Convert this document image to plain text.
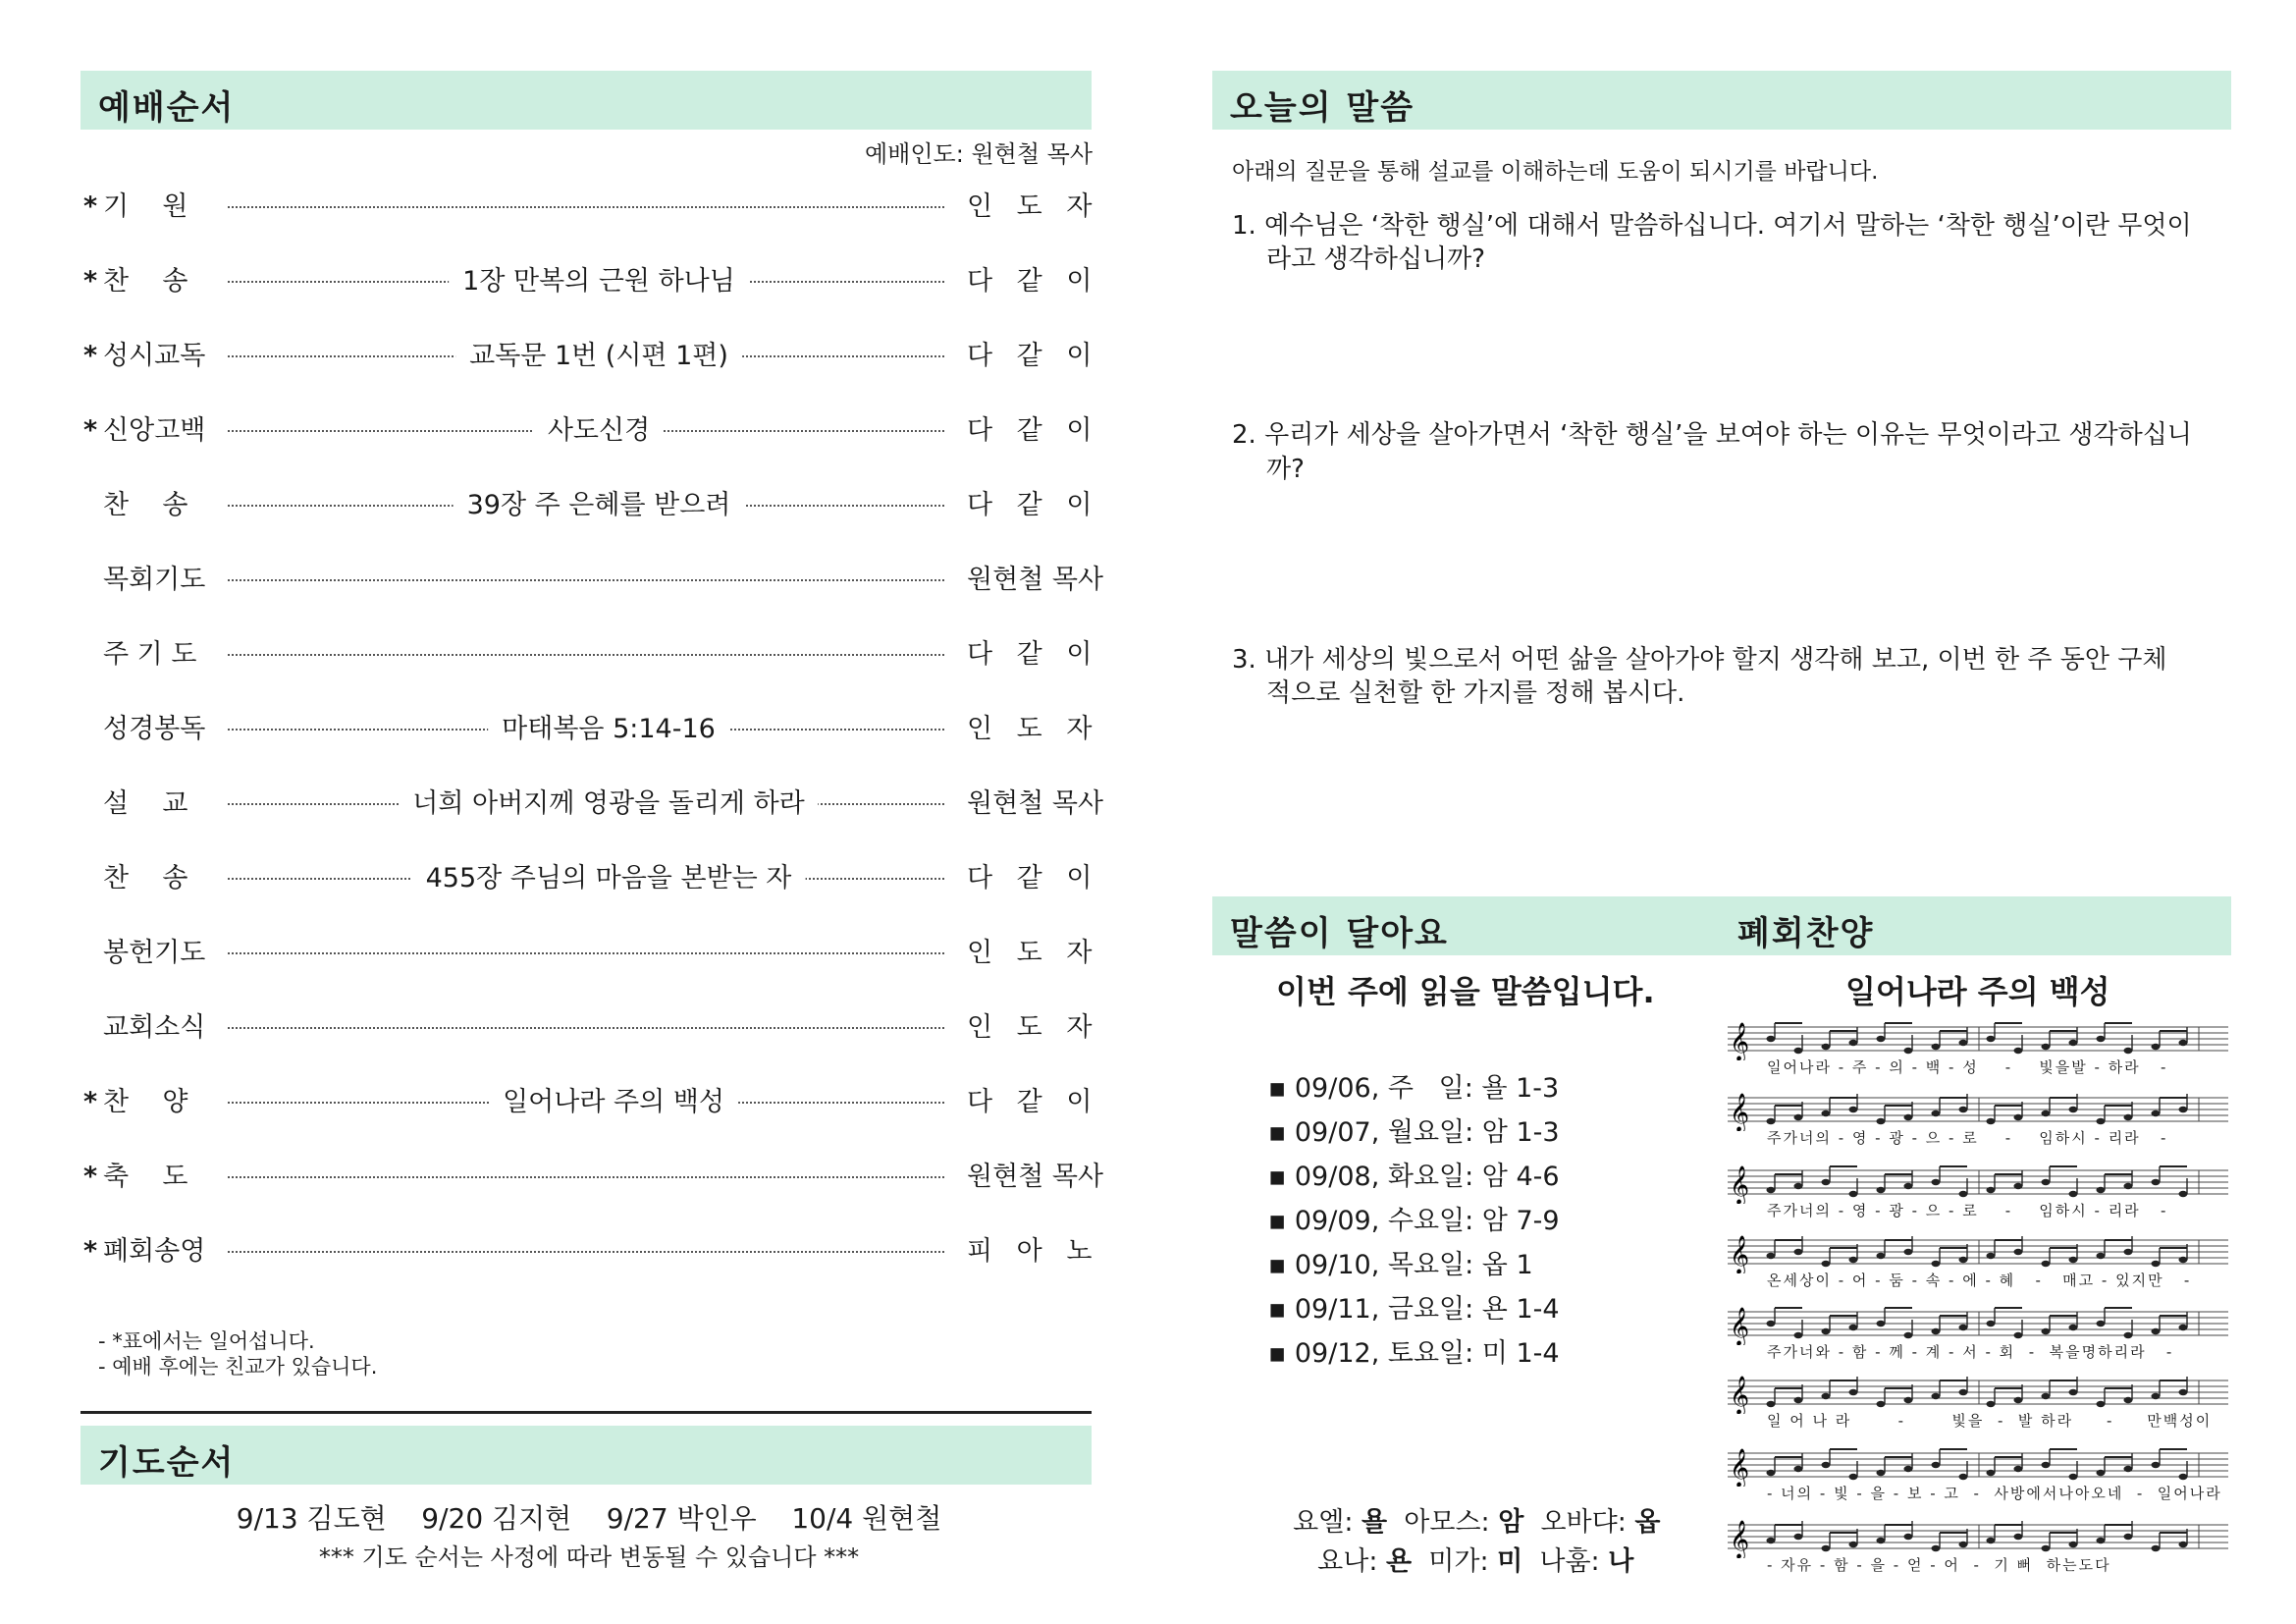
예배순서
예배인도: 원현철 목사
* 기    원	인 도 자
* 찬    송	1장 만복의 근원 하나님	다 같 이
* 성시교독	교독문 1번 (시편 1편)	다 같 이
* 신앙고백	사도신경	다 같 이
찬    송	39장 주 은혜를 받으려	다 같 이
목회기도	원현철 목사
주 기 도	다 같 이
성경봉독	마태복음 5:14-16	인 도 자
설    교	너희 아버지께 영광을 돌리게 하라	원현철 목사
찬    송	455장 주님의 마음을 본받는 자	다 같 이
봉헌기도	인 도 자
교회소식	인 도 자
* 찬    양	일어나라 주의 백성	다 같 이
* 축    도	원현철 목사
* 폐회송영	피 아 노
- *표에서는 일어섭니다.
- 예배 후에는 친교가 있습니다.
기도순서
9/13 김도현    9/20 김지현    9/27 박인우    10/4 원현철
*** 기도 순서는 사정에 따라 변동될 수 있습니다 ***
오늘의 말씀
아래의 질문을 통해 설교를 이해하는데 도움이 되시기를 바랍니다.
1. 예수님은 ‘착한 행실’에 대해서 말씀하십니다. 여기서 말하는 ‘착한 행실’이란 무엇이
라고 생각하십니까?
2. 우리가 세상을 살아가면서 ‘착한 행실’을 보여야 하는 이유는 무엇이라고 생각하십니
까?
3. 내가 세상의 빛으로서 어떤 삶을 살아가야 할지 생각해 보고, 이번 한 주 동안 구체
적으로 실천할 한 가지를 정해 봅시다.
말씀이 달아요	폐회찬양
이번 주에 읽을 말씀입니다.	일어나라 주의 백성
▪ 09/06, 주   일: 욜 1-3
▪ 09/07, 월요일: 암 1-3
▪ 09/08, 화요일: 암 4-6
▪ 09/09, 수요일: 암 7-9
▪ 09/10, 목요일: 옵 1
▪ 09/11, 금요일: 욘 1-4
▪ 09/12, 토요일: 미 1-4

요엘: 욜  아모스: 암  오바댜: 옵

요나: 욘  미가: 미  나훔: 나

𝄞
일어나라 - 주 - 의 - 백 - 성    -    빛을발 - 하라   -
𝄞
주가너의 - 영 - 광 - 으 - 로    -    임하시 - 리라   -
𝄞
주가너의 - 영 - 광 - 으 - 로    -    임하시 - 리라   -
𝄞
온세상이 - 어 - 둠 - 속 - 에 - 혜   -   매고 - 있지만   -
𝄞
주가너와 - 함 - 께 - 계 - 서 - 회  -  복을명하리라   -
𝄞
일 어 나 라       -       빛을  -  발 하라     -     만백성이
𝄞
- 너의 - 빛 - 을 - 보 - 고  -  사방에서나아오네  -  일어나라
𝄞
- 자유 - 함 - 을 - 얻 - 어  -  기 뻐  하는도다
